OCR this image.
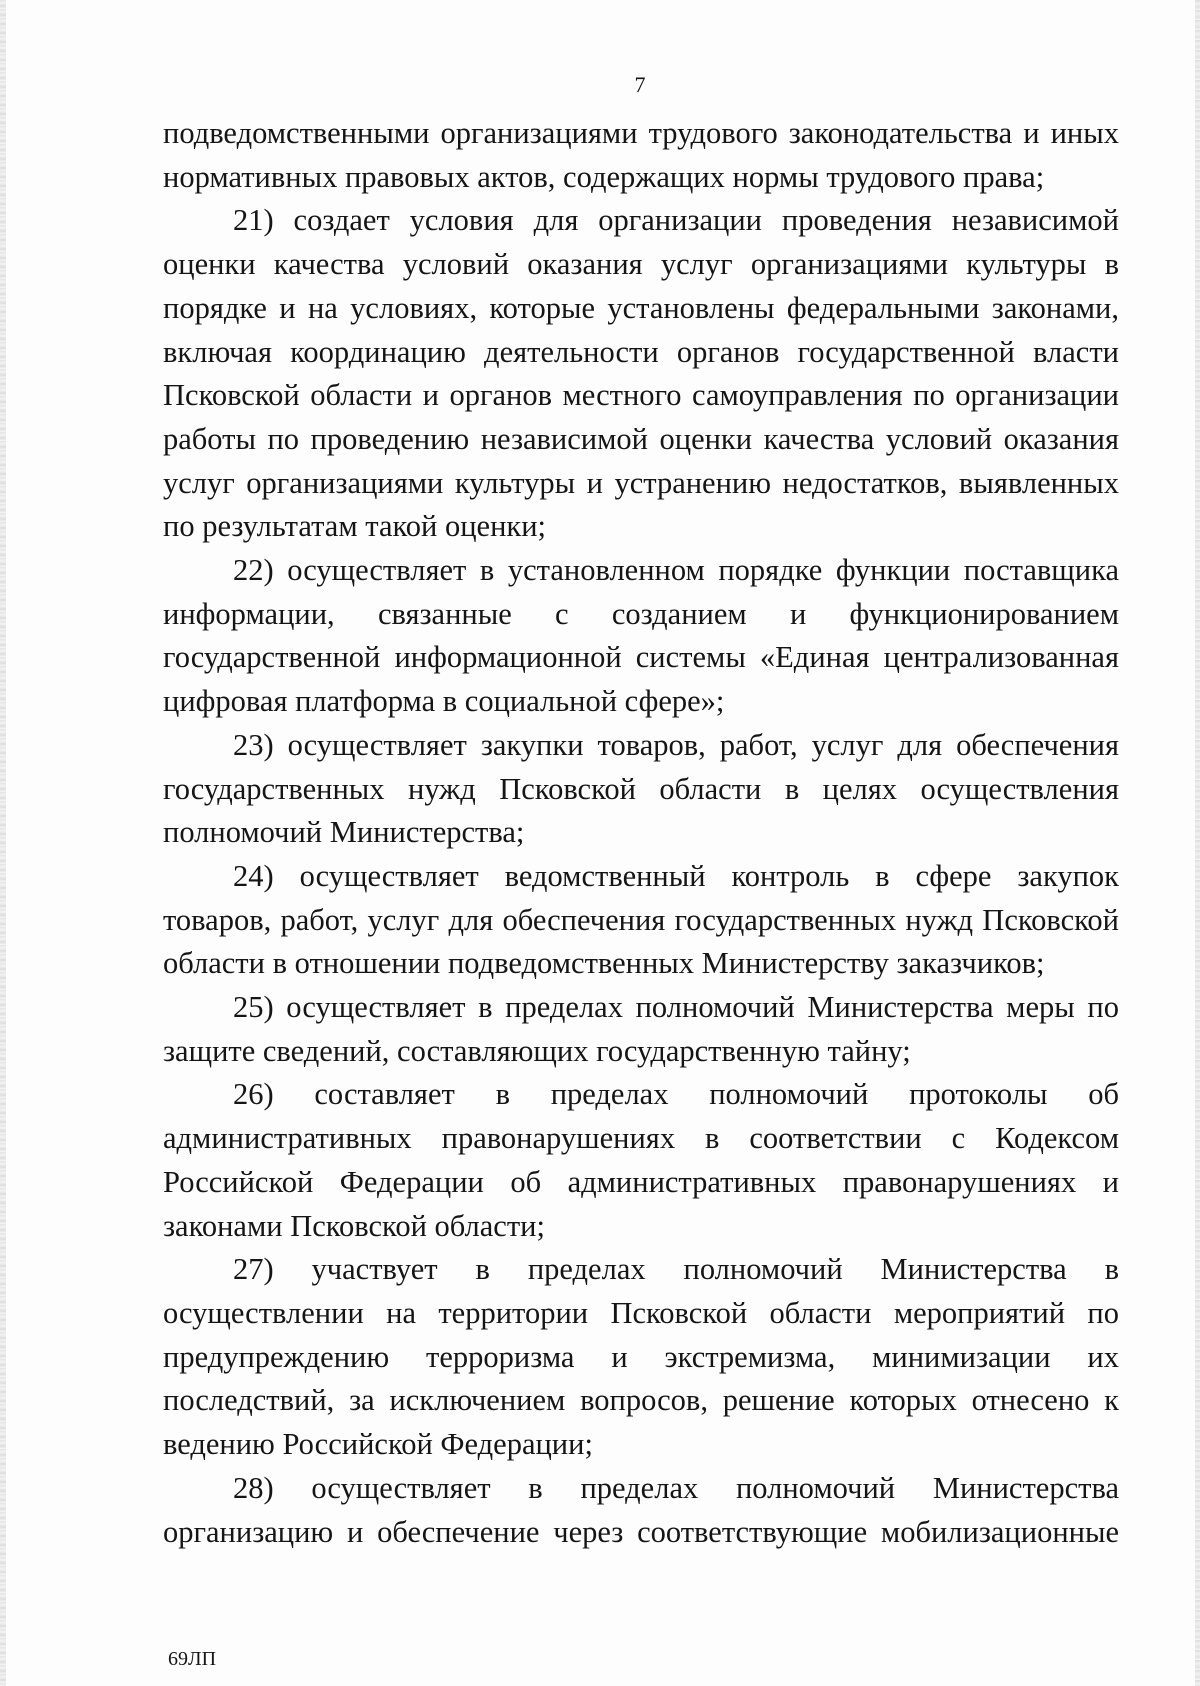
7

подведомственными организациями трудового законодательства и иных нормативных правовых актов, содержащих нормы трудового права;

21) создает условия для организации проведения независимой оценки качества условий оказания услуг организациями культуры в порядке и на условиях, которые установлены федеральными законами, включая координацию деятельности органов государственной власти Псковской области и органов местного самоуправления по организации работы по проведению независимой оценки качества условий оказания услуг организациями культуры и устранению недостатков, выявленных по результатам такой оценки;

22) осуществляет в установленном порядке функции поставщика информации, связанные с созданием и функционированием государственной информационной системы «Единая централизованная цифровая платформа в социальной сфере»;

23) осуществляет закупки товаров, работ, услуг для обеспечения государственных нужд Псковской области в целях осуществления полномочий Министерства;

24) осуществляет ведомственный контроль в сфере закупок товаров, работ, услуг для обеспечения государственных нужд Псковской области в отношении подведомственных Министерству заказчиков;

25) осуществляет в пределах полномочий Министерства меры по защите сведений, составляющих государственную тайну;

26) составляет в пределах полномочий протоколы об административных правонарушениях в соответствии с Кодексом Российской Федерации об административных правонарушениях и законами Псковской области;

27) участвует в пределах полномочий Министерства в осуществлении на территории Псковской области мероприятий по предупреждению терроризма и экстремизма, минимизации их последствий, за исключением вопросов, решение которых отнесено к ведению Российской Федерации;

28) осуществляет в пределах полномочий Министерства организацию и обеспечение через соответствующие мобилизационные

69ЛП
